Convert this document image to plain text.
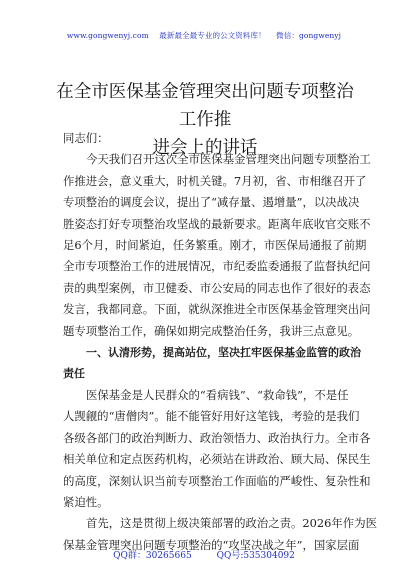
www.gongwenyj.com 最新最全最专业的公文资料库！ 微信：gongwenyj
在全市医保基金管理突出问题专项整治工作推
进会上的讲话
同志们：
今天我们召开这次全市医保基金管理突出问题专项整治工
作推进会，意义重大，时机关键。7月初，省、市相继召开了
专项整治的调度会议，提出了“减存量、遏增量”，以决战决
胜姿态打好专项整治攻坚战的最新要求。距离年底收官交账不
足6个月，时间紧迫，任务繁重。刚才，市医保局通报了前期
全市专项整治工作的进展情况，市纪委监委通报了监督执纪问
责的典型案例，市卫健委、市公安局的同志也作了很好的表态
发言，我都同意。下面，就纵深推进全市医保基金管理突出问
题专项整治工作，确保如期完成整治任务，我讲三点意见。
一、认清形势，提高站位，坚决扛牢医保基金监管的政治
责任
医保基金是人民群众的“看病钱”、“救命钱”，不是任
人觊觎的“唐僧肉”。能不能管好用好这笔钱，考验的是我们
各级各部门的政治判断力、政治领悟力、政治执行力。全市各
相关单位和定点医药机构，必须站在讲政治、顾大局、保民生
的高度，深刻认识当前专项整治工作面临的严峻性、复杂性和
紧迫性。
首先，这是贯彻上级决策部署的政治之责。2026年作为医
保基金管理突出问题专项整治的“攻坚决战之年”，国家层面
QQ群：30265665	QQ号:535304092
